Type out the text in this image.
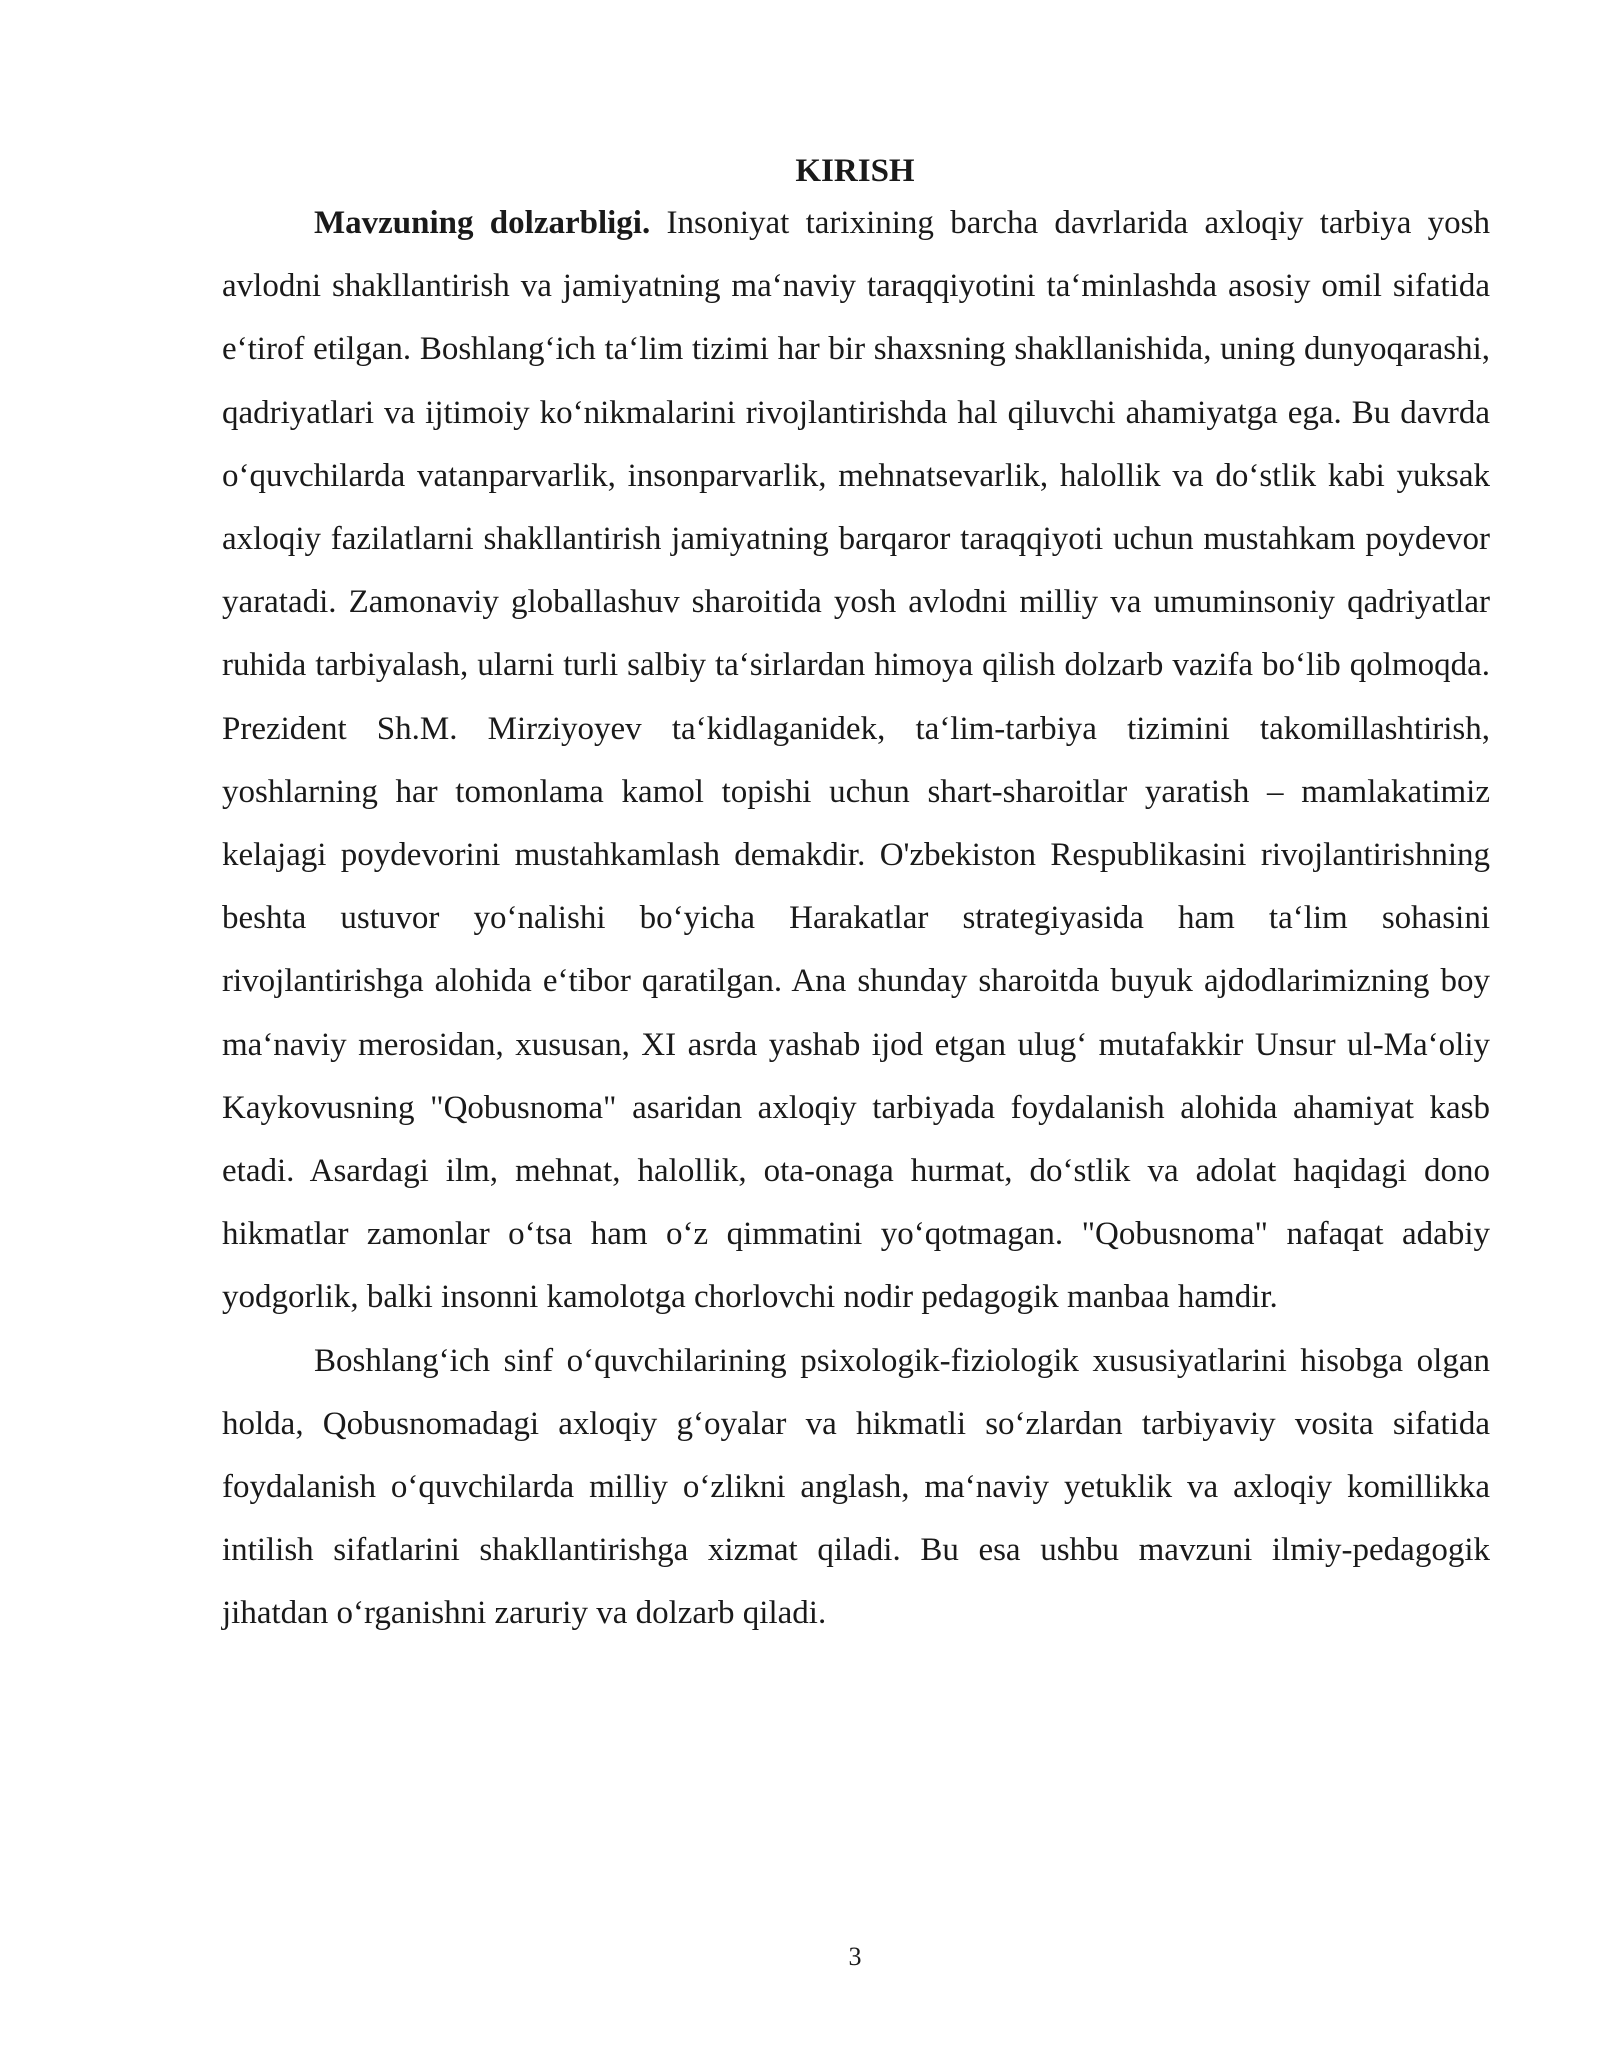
KIRISH

Mavzuning dolzarbligi. Insoniyat tarixining barcha davrlarida axloqiy tarbiya yosh avlodni shakllantirish va jamiyatning ma‘naviy taraqqiyotini ta‘minlashda asosiy omil sifatida e‘tirof etilgan. Boshlang‘ich ta‘lim tizimi har bir shaxsning shakllanishida, uning dunyoqarashi, qadriyatlari va ijtimoiy ko‘nikmalarini rivojlantirishda hal qiluvchi ahamiyatga ega. Bu davrda o‘quvchilarda vatanparvarlik, insonparvarlik, mehnatsevarlik, halollik va do‘stlik kabi yuksak axloqiy fazilatlarni shakllantirish jamiyatning barqaror taraqqiyoti uchun mustahkam poydevor yaratadi. Zamonaviy globallashuv sharoitida yosh avlodni milliy va umuminsoniy qadriyatlar ruhida tarbiyalash, ularni turli salbiy ta‘sirlardan himoya qilish dolzarb vazifa bo‘lib qolmoqda. Prezident Sh.M. Mirziyoyev ta‘kidlaganidek, ta‘lim-tarbiya tizimini takomillashtirish, yoshlarning har tomonlama kamol topishi uchun shart-sharoitlar yaratish – mamlakatimiz kelajagi poydevorini mustahkamlash demakdir. O'zbekiston Respublikasini rivojlantirishning beshta ustuvor yo‘nalishi bo‘yicha Harakatlar strategiyasida ham ta‘lim sohasini rivojlantirishga alohida e‘tibor qaratilgan. Ana shunday sharoitda buyuk ajdodlarimizning boy ma‘naviy merosidan, xususan, XI asrda yashab ijod etgan ulug‘ mutafakkir Unsur ul-Ma‘oliy Kaykovusning "Qobusnoma" asaridan axloqiy tarbiyada foydalanish alohida ahamiyat kasb etadi. Asardagi ilm, mehnat, halollik, ota-onaga hurmat, do‘stlik va adolat haqidagi dono hikmatlar zamonlar o‘tsa ham o‘z qimmatini yo‘qotmagan. "Qobusnoma" nafaqat adabiy yodgorlik, balki insonni kamolotga chorlovchi nodir pedagogik manbaa hamdir.

Boshlang‘ich sinf o‘quvchilarining psixologik-fiziologik xususiyatlarini hisobga olgan holda, Qobusnomadagi axloqiy g‘oyalar va hikmatli so‘zlardan tarbiyaviy vosita sifatida foydalanish o‘quvchilarda milliy o‘zlikni anglash, ma‘naviy yetuklik va axloqiy komillikka intilish sifatlarini shakllantirishga xizmat qiladi. Bu esa ushbu mavzuni ilmiy-pedagogik jihatdan o‘rganishni zaruriy va dolzarb qiladi.

3
